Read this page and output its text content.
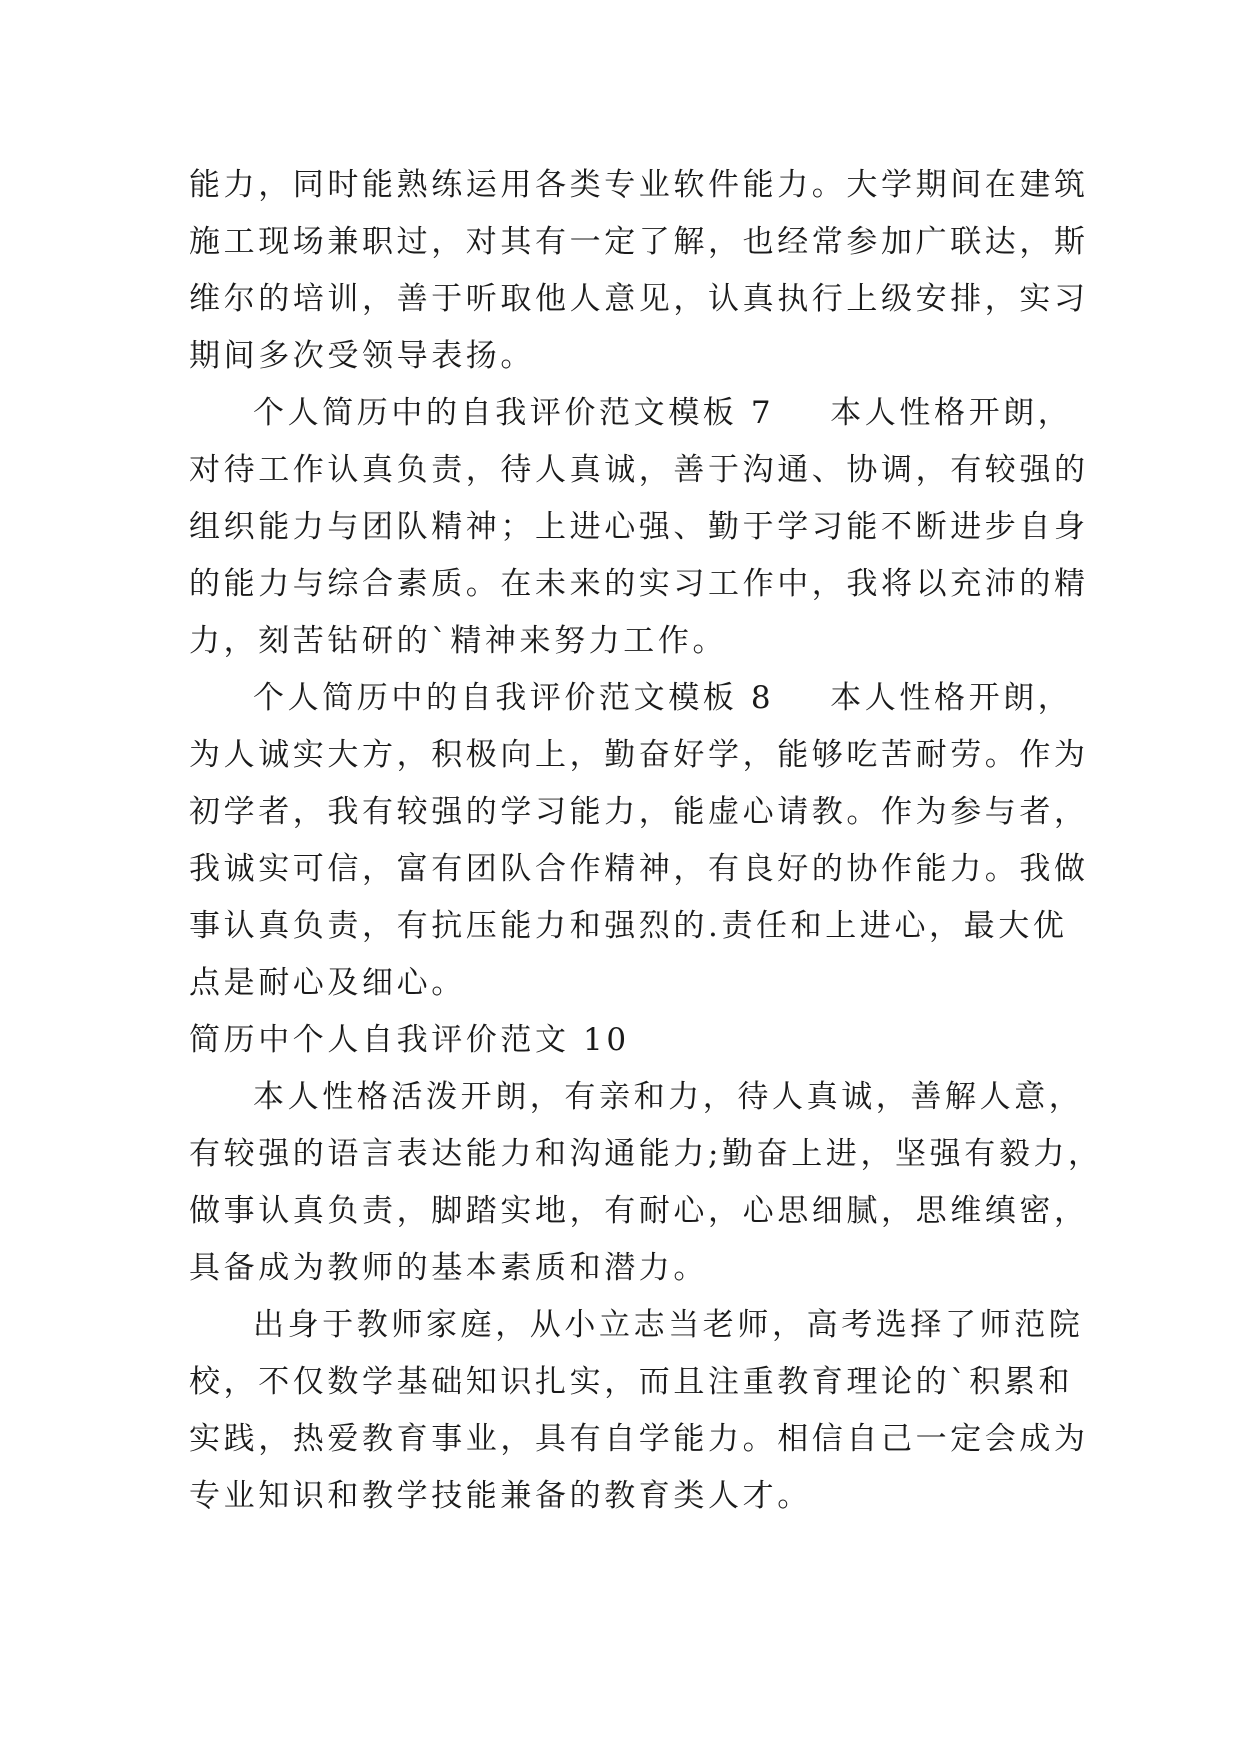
能力，同时能熟练运用各类专业软件能力。大学期间在建筑
施工现场兼职过，对其有一定了解，也经常参加广联达，斯
维尔的培训，善于听取他人意见，认真执行上级安排，实习
期间多次受领导表扬。
个人简历中的自我评价范文模板 7 本人性格开朗，
对待工作认真负责，待人真诚，善于沟通、协调，有较强的
组织能力与团队精神；上进心强、勤于学习能不断进步自身
的能力与综合素质。在未来的实习工作中，我将以充沛的精
力，刻苦钻研的`精神来努力工作。
个人简历中的自我评价范文模板 8 本人性格开朗，
为人诚实大方，积极向上，勤奋好学，能够吃苦耐劳。作为
初学者，我有较强的学习能力，能虚心请教。作为参与者，
我诚实可信，富有团队合作精神，有良好的协作能力。我做
事认真负责，有抗压能力和强烈的.责任和上进心，最大优
点是耐心及细心。
简历中个人自我评价范文 10
本人性格活泼开朗，有亲和力，待人真诚，善解人意，
有较强的语言表达能力和沟通能力;勤奋上进，坚强有毅力，
做事认真负责，脚踏实地，有耐心，心思细腻，思维缜密，
具备成为教师的基本素质和潜力。
出身于教师家庭，从小立志当老师，高考选择了师范院
校，不仅数学基础知识扎实，而且注重教育理论的`积累和
实践，热爱教育事业，具有自学能力。相信自己一定会成为
专业知识和教学技能兼备的教育类人才。
